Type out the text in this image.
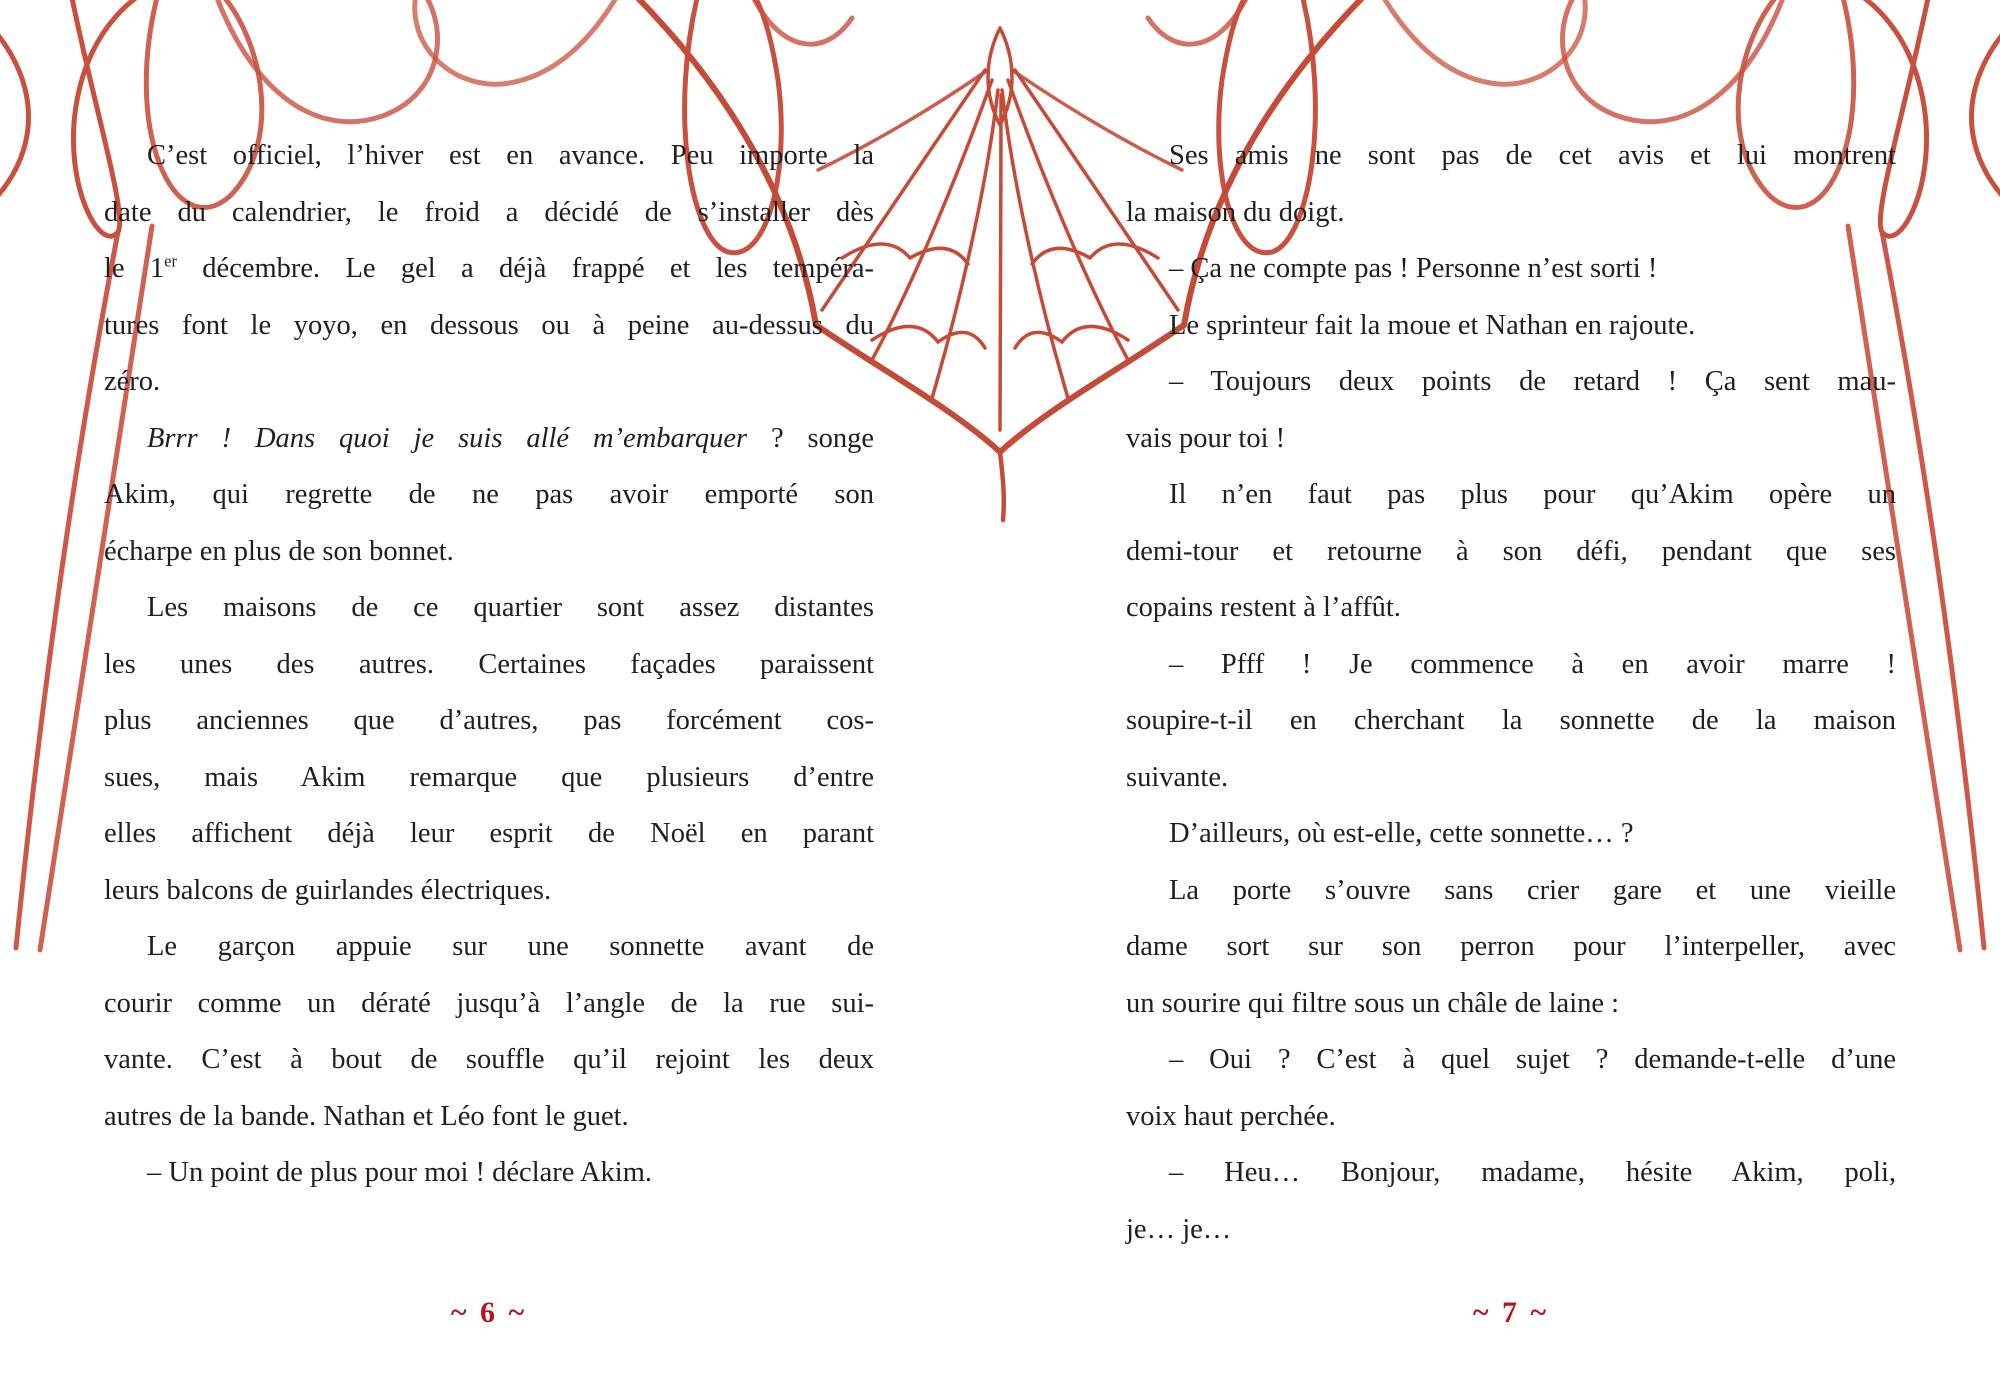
C’est officiel, l’hiver est en avance. Peu importe la
date du calendrier, le froid a décidé de s’installer dès
le 1er décembre. Le gel a déjà frappé et les tempéra-
tures font le yoyo, en dessous ou à peine au-dessus du
zéro.
Brrr ! Dans quoi je suis allé m’embarquer ? songe
Akim, qui regrette de ne pas avoir emporté son
écharpe en plus de son bonnet.
Les maisons de ce quartier sont assez distantes
les unes des autres. Certaines façades paraissent
plus anciennes que d’autres, pas forcément cos-
sues, mais Akim remarque que plusieurs d’entre
elles affichent déjà leur esprit de Noël en parant
leurs balcons de guirlandes électriques.
Le garçon appuie sur une sonnette avant de
courir comme un dératé jusqu’à l’angle de la rue sui-
vante. C’est à bout de souffle qu’il rejoint les deux
autres de la bande. Nathan et Léo font le guet.
– Un point de plus pour moi ! déclare Akim.
Ses amis ne sont pas de cet avis et lui montrent
la maison du doigt.
– Ça ne compte pas ! Personne n’est sorti !
Le sprinteur fait la moue et Nathan en rajoute.
– Toujours deux points de retard ! Ça sent mau-
vais pour toi !
Il n’en faut pas plus pour qu’Akim opère un
demi-tour et retourne à son défi, pendant que ses
copains restent à l’affût.
– Pfff ! Je commence à en avoir marre !
soupire-t-il en cherchant la sonnette de la maison
suivante.
D’ailleurs, où est-elle, cette sonnette… ?
La porte s’ouvre sans crier gare et une vieille
dame sort sur son perron pour l’interpeller, avec
un sourire qui filtre sous un châle de laine :
– Oui ? C’est à quel sujet ? demande-t-elle d’une
voix haut perchée.
– Heu… Bonjour, madame, hésite Akim, poli,
je… je…
~ 6 ~	~ 7 ~
